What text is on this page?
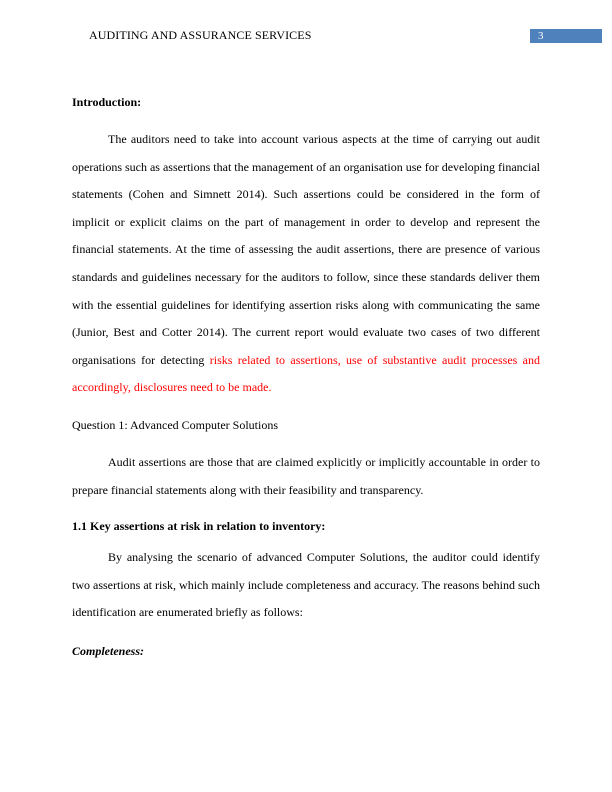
AUDITING AND ASSURANCE SERVICES	3
Introduction:

The auditors need to take into account various aspects at the time of carrying out audit operations such as assertions that the management of an organisation use for developing financial statements (Cohen and Simnett 2014). Such assertions could be considered in the form of implicit or explicit claims on the part of management in order to develop and represent the financial statements. At the time of assessing the audit assertions, there are presence of various standards and guidelines necessary for the auditors to follow, since these standards deliver them with the essential guidelines for identifying assertion risks along with communicating the same (Junior, Best and Cotter 2014). The current report would evaluate two cases of two different organisations for detecting risks related to assertions, use of substantive audit processes and accordingly, disclosures need to be made.

Question 1: Advanced Computer Solutions

Audit assertions are those that are claimed explicitly or implicitly accountable in order to prepare financial statements along with their feasibility and transparency.

1.1 Key assertions at risk in relation to inventory:

By analysing the scenario of advanced Computer Solutions, the auditor could identify two assertions at risk, which mainly include completeness and accuracy. The reasons behind such identification are enumerated briefly as follows:

Completeness:
